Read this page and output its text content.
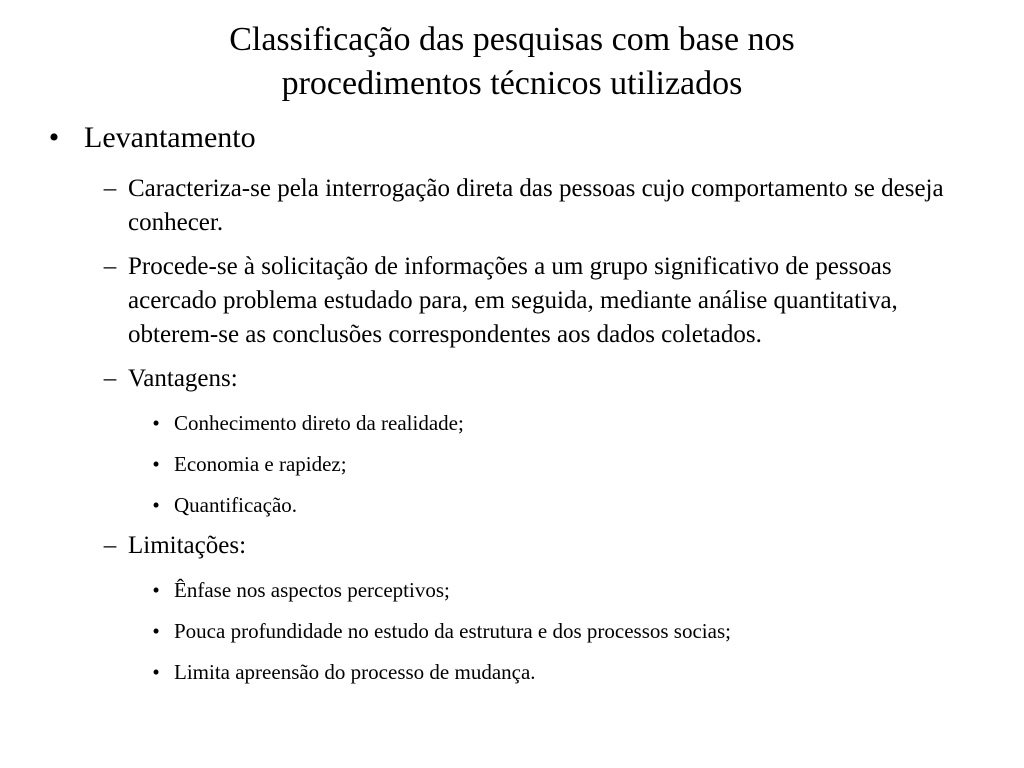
Classificação das pesquisas com base nos
procedimentos técnicos utilizados
• Levantamento
– Caracteriza-se pela interrogação direta das pessoas cujo comportamento se deseja conhecer.
– Procede-se à solicitação de informações a um grupo significativo de pessoas acercado problema estudado para, em seguida, mediante análise quantitativa, obterem-se as conclusões correspondentes aos dados coletados.
– Vantagens:
• Conhecimento direto da realidade;
• Economia e rapidez;
• Quantificação.
– Limitações:
• Ênfase nos aspectos perceptivos;
• Pouca profundidade no estudo da estrutura e dos processos socias;
• Limita apreensão do processo de mudança.
